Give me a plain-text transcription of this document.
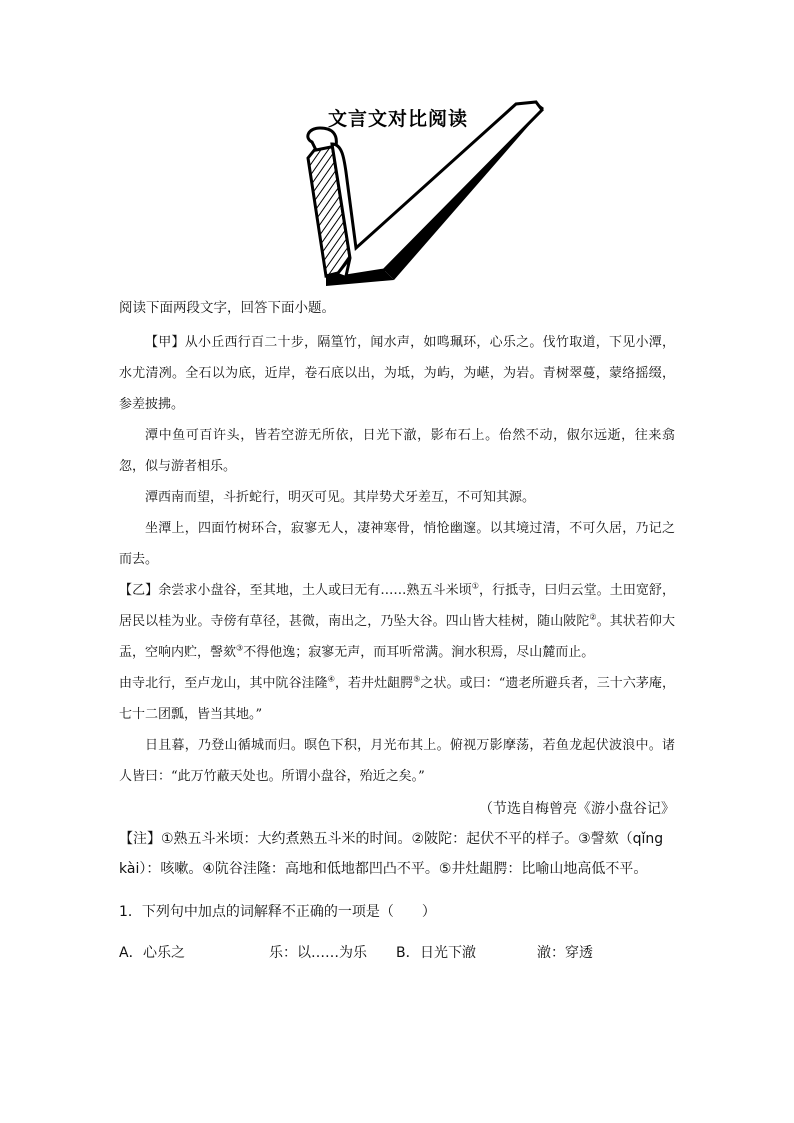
文言文对比阅读

阅读下面两段文字，回答下面小题。

【甲】从小丘西行百二十步，隔篁竹，闻水声，如鸣珮环，心乐之。伐竹取道，下见小潭，水尤清冽。全石以为底，近岸，卷石底以出，为坻，为屿，为嵁，为岩。青树翠蔓，蒙络摇缀，参差披拂。

潭中鱼可百许头，皆若空游无所依，日光下澈，影布石上。佁然不动，俶尔远逝，往来翕忽，似与游者相乐。

潭西南而望，斗折蛇行，明灭可见。其岸势犬牙差互，不可知其源。

坐潭上，四面竹树环合，寂寥无人，凄神寒骨，悄怆幽邃。以其境过清，不可久居，乃记之而去。

【乙】余尝求小盘谷，至其地，土人或曰无有……熟五斗米顷①，行抵寺，曰归云堂。土田宽舒，居民以桂为业。寺傍有草径，甚微，南出之，乃坠大谷。四山皆大桂树，随山陂陀②。其状若仰大盂，空响内贮，謦欬③不得他逸；寂寥无声，而耳听常满。涧水积焉，尽山麓而止。

由寺北行，至卢龙山，其中阬谷洼隆④，若井灶龃腭⑤之状。或曰：“遗老所避兵者，三十六茅庵，七十二团瓢，皆当其地。”

日且暮，乃登山循城而归。暝色下积，月光布其上。俯视万影摩荡，若鱼龙起伏波浪中。诸人皆曰：“此万竹蔽天处也。所谓小盘谷，殆近之矣。”

（节选自梅曾亮《游小盘谷记》

【注】①熟五斗米顷：大约煮熟五斗米的时间。②陂陀：起伏不平的样子。③謦欬（qǐng kài）：咳嗽。④阬谷洼隆：高地和低地都凹凸不平。⑤井灶龃腭：比喻山地高低不平。

1．下列句中加点的词解释不正确的一项是（　　）

A． 心乐之	乐：以……为乐 B． 日光下澈	澈：穿透
